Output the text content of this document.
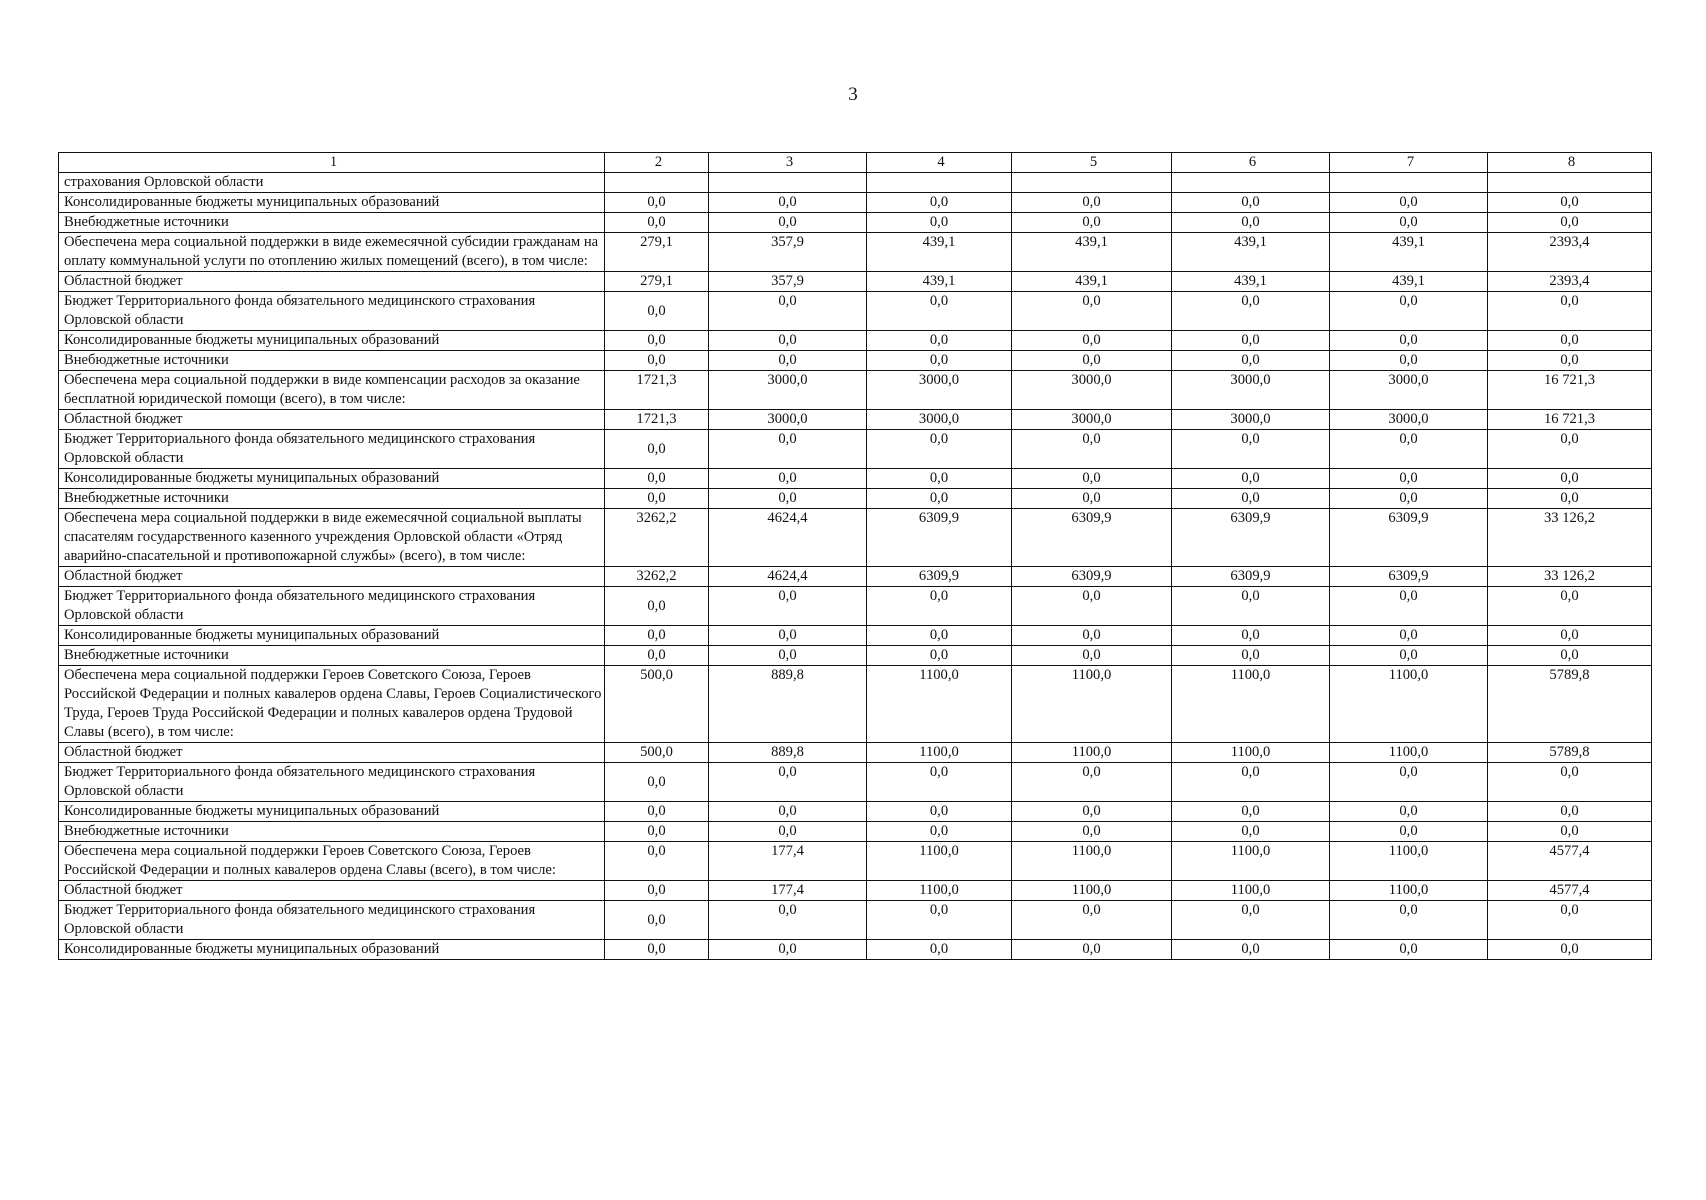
3
1	2	3	4	5	6	7	8
страхования Орловской области							
Консолидированные бюджеты муниципальных образований	0,0	0,0	0,0	0,0	0,0	0,0	0,0
Внебюджетные источники	0,0	0,0	0,0	0,0	0,0	0,0	0,0
Обеспечена мера социальной поддержки в виде ежемесячной субсидии гражданам на оплату коммунальной услуги по отоплению жилых помещений (всего), в том числе:	279,1	357,9	439,1	439,1	439,1	439,1	2393,4
Областной бюджет	279,1	357,9	439,1	439,1	439,1	439,1	2393,4
Бюджет Территориального фонда обязательного медицинского страхования Орловской области	0,0	0,0	0,0	0,0	0,0	0,0	0,0
Консолидированные бюджеты муниципальных образований	0,0	0,0	0,0	0,0	0,0	0,0	0,0
Внебюджетные источники	0,0	0,0	0,0	0,0	0,0	0,0	0,0
Обеспечена мера социальной поддержки в виде компенсации расходов за оказание бесплатной юридической помощи (всего), в том числе:	1721,3	3000,0	3000,0	3000,0	3000,0	3000,0	16 721,3
Областной бюджет	1721,3	3000,0	3000,0	3000,0	3000,0	3000,0	16 721,3
Бюджет Территориального фонда обязательного медицинского страхования Орловской области	0,0	0,0	0,0	0,0	0,0	0,0	0,0
Консолидированные бюджеты муниципальных образований	0,0	0,0	0,0	0,0	0,0	0,0	0,0
Внебюджетные источники	0,0	0,0	0,0	0,0	0,0	0,0	0,0
Обеспечена мера социальной поддержки в виде ежемесячной социальной выплаты спасателям государственного казенного учреждения Орловской области «Отряд аварийно-спасательной и противопожарной службы» (всего), в том числе:	3262,2	4624,4	6309,9	6309,9	6309,9	6309,9	33 126,2
Областной бюджет	3262,2	4624,4	6309,9	6309,9	6309,9	6309,9	33 126,2
Бюджет Территориального фонда обязательного медицинского страхования Орловской области	0,0	0,0	0,0	0,0	0,0	0,0	0,0
Консолидированные бюджеты муниципальных образований	0,0	0,0	0,0	0,0	0,0	0,0	0,0
Внебюджетные источники	0,0	0,0	0,0	0,0	0,0	0,0	0,0
Обеспечена мера социальной поддержки Героев Советского Союза, Героев Российской Федерации и полных кавалеров ордена Славы, Героев Социалистического Труда, Героев Труда Российской Федерации и полных кавалеров ордена Трудовой Славы (всего), в том числе:	500,0	889,8	1100,0	1100,0	1100,0	1100,0	5789,8
Областной бюджет	500,0	889,8	1100,0	1100,0	1100,0	1100,0	5789,8
Бюджет Территориального фонда обязательного медицинского страхования Орловской области	0,0	0,0	0,0	0,0	0,0	0,0	0,0
Консолидированные бюджеты муниципальных образований	0,0	0,0	0,0	0,0	0,0	0,0	0,0
Внебюджетные источники	0,0	0,0	0,0	0,0	0,0	0,0	0,0
Обеспечена мера социальной поддержки Героев Советского Союза, Героев Российской Федерации и полных кавалеров ордена Славы (всего), в том числе:	0,0	177,4	1100,0	1100,0	1100,0	1100,0	4577,4
Областной бюджет	0,0	177,4	1100,0	1100,0	1100,0	1100,0	4577,4
Бюджет Территориального фонда обязательного медицинского страхования Орловской области	0,0	0,0	0,0	0,0	0,0	0,0	0,0
Консолидированные бюджеты муниципальных образований	0,0	0,0	0,0	0,0	0,0	0,0	0,0
